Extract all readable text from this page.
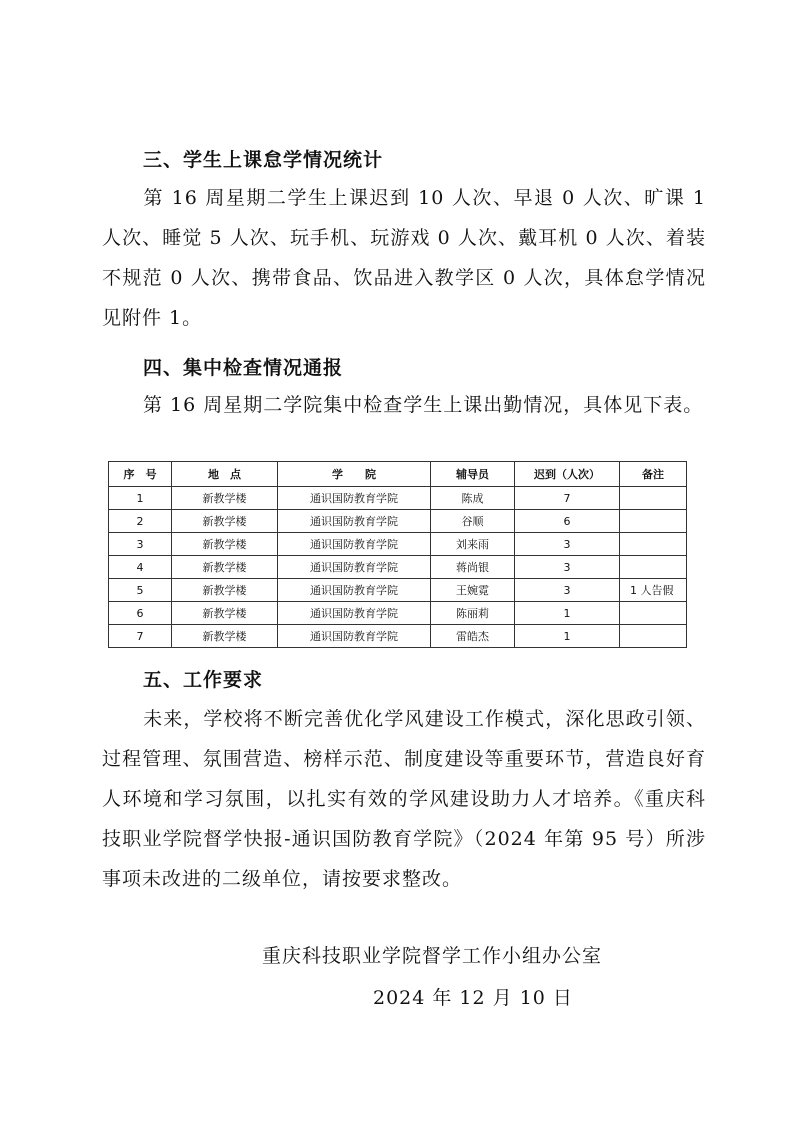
三、学生上课怠学情况统计

第 16 周星期二学生上课迟到 10 人次、早退 0 人次、旷课 1 人次、睡觉 5 人次、玩手机、玩游戏 0 人次、戴耳机 0 人次、着装不规范 0 人次、携带食品、饮品进入教学区 0 人次，具体怠学情况见附件 1。

四、集中检查情况通报

第 16 周星期二学院集中检查学生上课出勤情况，具体见下表。

序　号	地　点	学　　院	辅导员	迟到（人次）	备注
1	新教学楼	通识国防教育学院	陈成	7	
2	新教学楼	通识国防教育学院	谷顺	6	
3	新教学楼	通识国防教育学院	刘来雨	3	
4	新教学楼	通识国防教育学院	蒋尚银	3	
5	新教学楼	通识国防教育学院	王婉霓	3	1 人告假
6	新教学楼	通识国防教育学院	陈丽莉	1	
7	新教学楼	通识国防教育学院	雷皓杰	1	
五、工作要求

未来，学校将不断完善优化学风建设工作模式，深化思政引领、过程管理、氛围营造、榜样示范、制度建设等重要环节，营造良好育人环境和学习氛围，以扎实有效的学风建设助力人才培养。《重庆科技职业学院督学快报-通识国防教育学院》（2024 年第 95 号）所涉事项未改进的二级单位，请按要求整改。

重庆科技职业学院督学工作小组办公室
2024 年 12 月 10 日
